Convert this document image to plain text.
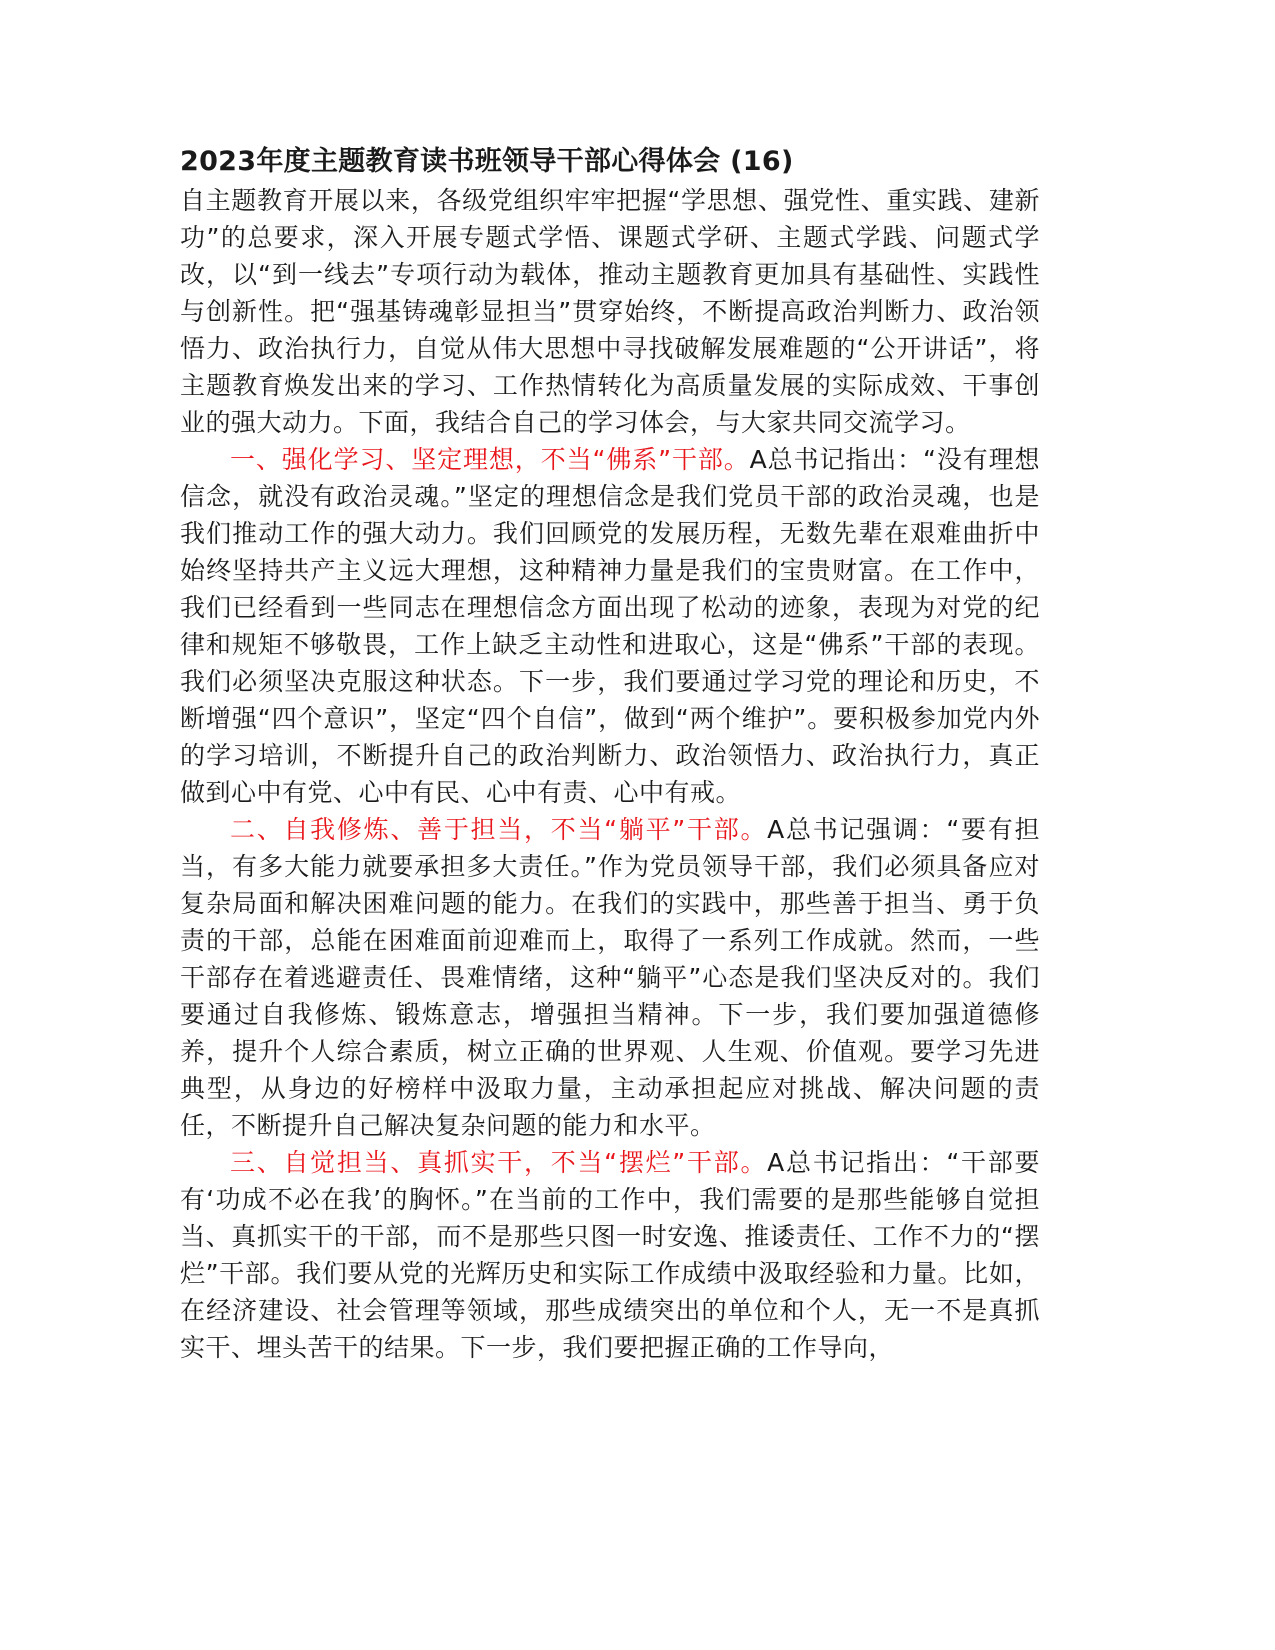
2023年度主题教育读书班领导干部心得体会 (16)

自主题教育开展以来，各级党组织牢牢把握“学思想、强党性、重实践、建新功”的总要求，深入开展专题式学悟、课题式学研、主题式学践、问题式学改，以“到一线去”专项行动为载体，推动主题教育更加具有基础性、实践性与创新性。把“强基铸魂彰显担当”贯穿始终，不断提高政治判断力、政治领悟力、政治执行力，自觉从伟大思想中寻找破解发展难题的“公开讲话”，将主题教育焕发出来的学习、工作热情转化为高质量发展的实际成效、干事创业的强大动力。下面，我结合自己的学习体会，与大家共同交流学习。

一、强化学习、坚定理想，不当“佛系”干部。A总书记指出：“没有理想信念，就没有政治灵魂。”坚定的理想信念是我们党员干部的政治灵魂，也是我们推动工作的强大动力。我们回顾党的发展历程，无数先辈在艰难曲折中始终坚持共产主义远大理想，这种精神力量是我们的宝贵财富。在工作中，我们已经看到一些同志在理想信念方面出现了松动的迹象，表现为对党的纪律和规矩不够敬畏，工作上缺乏主动性和进取心，这是“佛系”干部的表现。我们必须坚决克服这种状态。下一步，我们要通过学习党的理论和历史，不断增强“四个意识”，坚定“四个自信”，做到“两个维护”。要积极参加党内外的学习培训，不断提升自己的政治判断力、政治领悟力、政治执行力，真正做到心中有党、心中有民、心中有责、心中有戒。

二、自我修炼、善于担当，不当“躺平”干部。A总书记强调：“要有担当，有多大能力就要承担多大责任。”作为党员领导干部，我们必须具备应对复杂局面和解决困难问题的能力。在我们的实践中，那些善于担当、勇于负责的干部，总能在困难面前迎难而上，取得了一系列工作成就。然而，一些干部存在着逃避责任、畏难情绪，这种“躺平”心态是我们坚决反对的。我们要通过自我修炼、锻炼意志，增强担当精神。下一步，我们要加强道德修养，提升个人综合素质，树立正确的世界观、人生观、价值观。要学习先进典型，从身边的好榜样中汲取力量，主动承担起应对挑战、解决问题的责任，不断提升自己解决复杂问题的能力和水平。

三、自觉担当、真抓实干，不当“摆烂”干部。A总书记指出：“干部要有‘功成不必在我’的胸怀。”在当前的工作中，我们需要的是那些能够自觉担当、真抓实干的干部，而不是那些只图一时安逸、推诿责任、工作不力的“摆烂”干部。我们要从党的光辉历史和实际工作成绩中汲取经验和力量。比如，在经济建设、社会管理等领域，那些成绩突出的单位和个人，无一不是真抓实干、埋头苦干的结果。下一步，我们要把握正确的工作导向，
